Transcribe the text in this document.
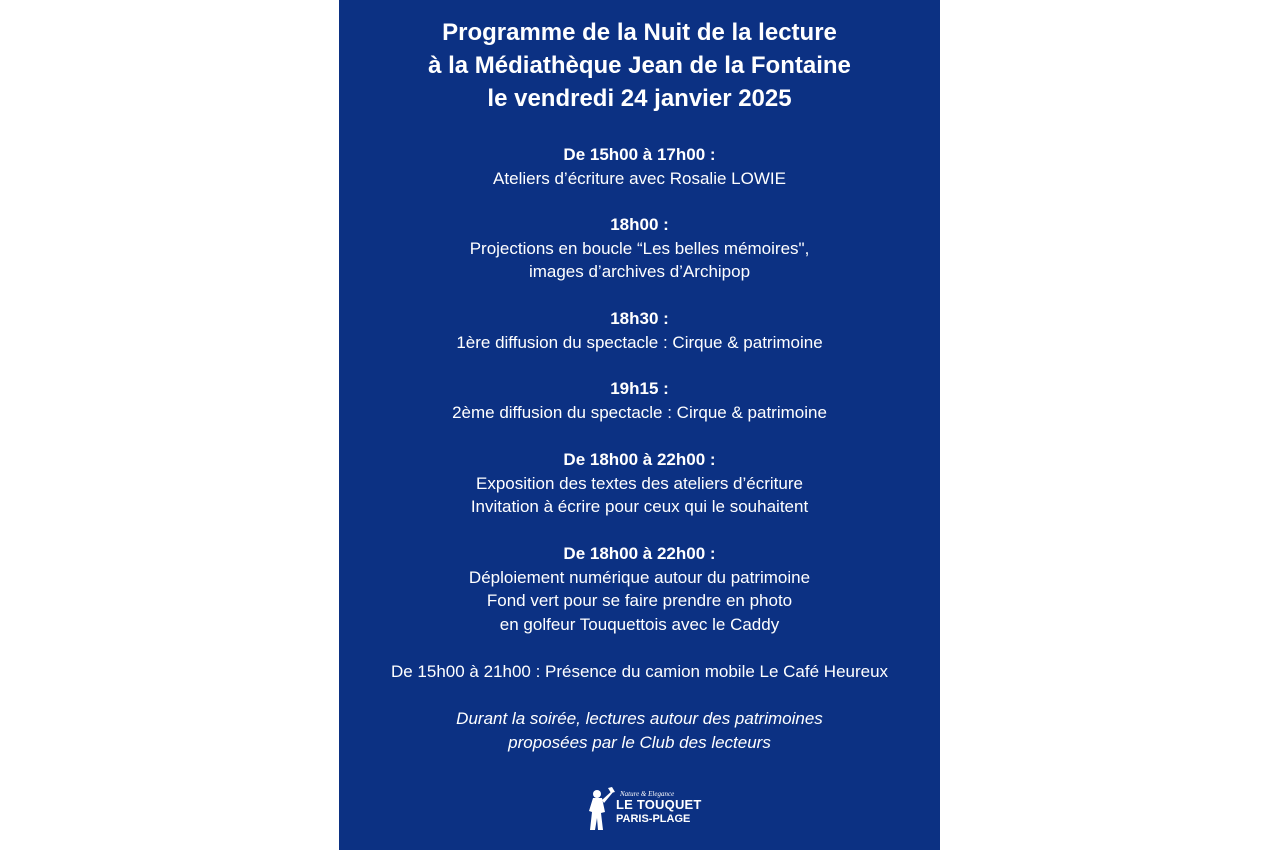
Programme de la Nuit de la lecture
à la Médiathèque Jean de la Fontaine
le vendredi 24 janvier 2025
De 15h00 à 17h00 :
Ateliers d’écriture avec Rosalie LOWIE
18h00 :
Projections en boucle “Les belles mémoires",
images d’archives d’Archipop
18h30 :
1ère diffusion du spectacle : Cirque & patrimoine
19h15 :
2ème diffusion du spectacle : Cirque & patrimoine
De 18h00 à 22h00 :
Exposition des textes des ateliers d’écriture
Invitation à écrire pour ceux qui le souhaitent
De 18h00 à 22h00 :
Déploiement numérique autour du patrimoine
Fond vert pour se faire prendre en photo
en golfeur Touquettois avec le Caddy
De 15h00 à 21h00 : Présence du camion mobile Le Café Heureux
Durant la soirée, lectures autour des patrimoines
proposées par le Club des lecteurs
Nature & Elegance
LE TOUQUET
PARIS-PLAGE
